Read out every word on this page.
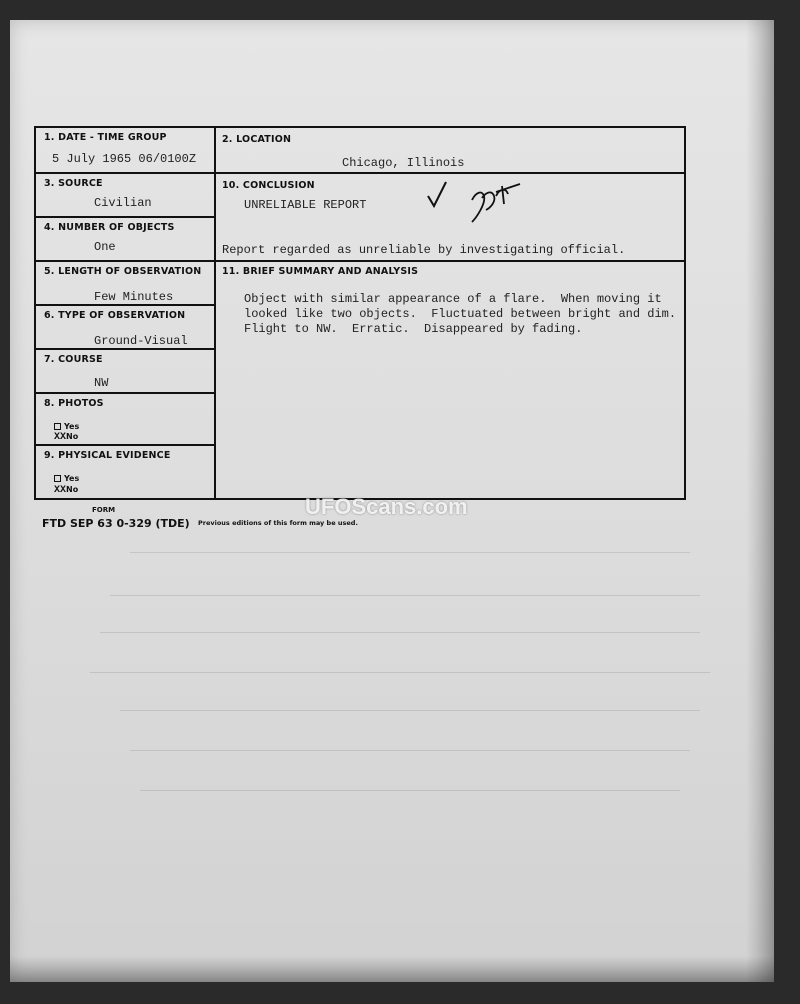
1. DATE - TIME GROUP
5 July 1965 06/0100Z
2. LOCATION
Chicago, Illinois
3. SOURCE
Civilian
10. CONCLUSION
UNRELIABLE REPORT
Report regarded as unreliable by investigating official.
4. NUMBER OF OBJECTS
One
5. LENGTH OF OBSERVATION
Few Minutes
11. BRIEF SUMMARY AND ANALYSIS
Object with similar appearance of a flare.  When moving it
looked like two objects.  Fluctuated between bright and dim.
Flight to NW.  Erratic.  Disappeared by fading.
6. TYPE OF OBSERVATION
Ground-Visual
7. COURSE
NW
8. PHOTOS
Yes
XXNo
9. PHYSICAL EVIDENCE
Yes
XXNo
FORM
FTD SEP 63 0-329 (TDE) Previous editions of this form may be used.
UFOScans.com
